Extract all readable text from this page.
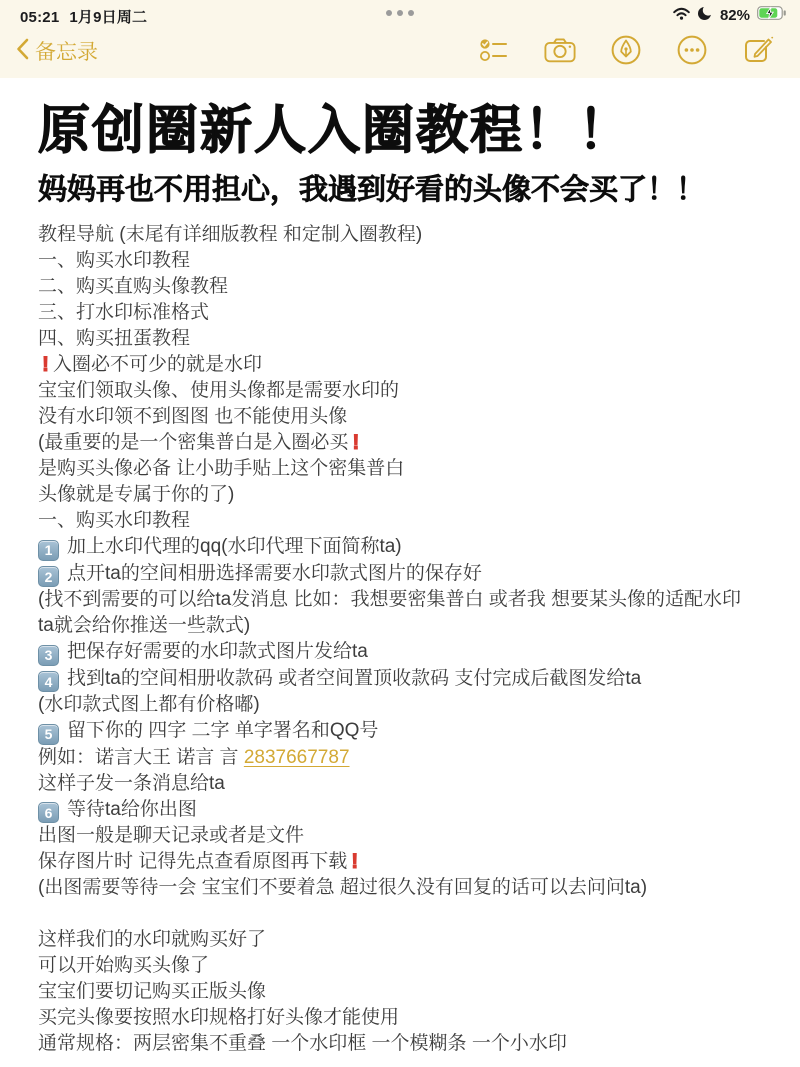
05:21 1月9日周二	82%
备忘录
原创圈新人入圈教程！！
妈妈再也不用担心，我遇到好看的头像不会买了！！
教程导航 (末尾有详细版教程 和定制入圈教程)
一、购买水印教程
二、购买直购头像教程
三、打水印标准格式
四、购买扭蛋教程
! 入圈必不可少的就是水印
宝宝们领取头像、使用头像都是需要水印的
没有水印领不到图图 也不能使用头像
(最重要的是一个密集普白是入圈必买 !
是购买头像必备 让小助手贴上这个密集普白
头像就是专属于你的了)
一、购买水印教程
1 加上水印代理的qq(水印代理下面简称ta)
2 点开ta的空间相册选择需要水印款式图片的保存好
(找不到需要的可以给ta发消息 比如：我想要密集普白 或者我 想要某头像的适配水印
ta就会给你推送一些款式)
3 把保存好需要的水印款式图片发给ta
4 找到ta的空间相册收款码 或者空间置顶收款码 支付完成后截图发给ta
(水印款式图上都有价格嘟)
5 留下你的 四字 二字 单字署名和QQ号
例如：诺言大王 诺言 言 2837667787
这样子发一条消息给ta
6 等待ta给你出图
出图一般是聊天记录或者是文件
保存图片时 记得先点查看原图再下载 !
(出图需要等待一会 宝宝们不要着急 超过很久没有回复的话可以去问问ta)
这样我们的水印就购买好了
可以开始购买头像了
宝宝们要切记购买正版头像
买完头像要按照水印规格打好头像才能使用
通常规格：两层密集不重叠 一个水印框 一个模糊条 一个小水印
